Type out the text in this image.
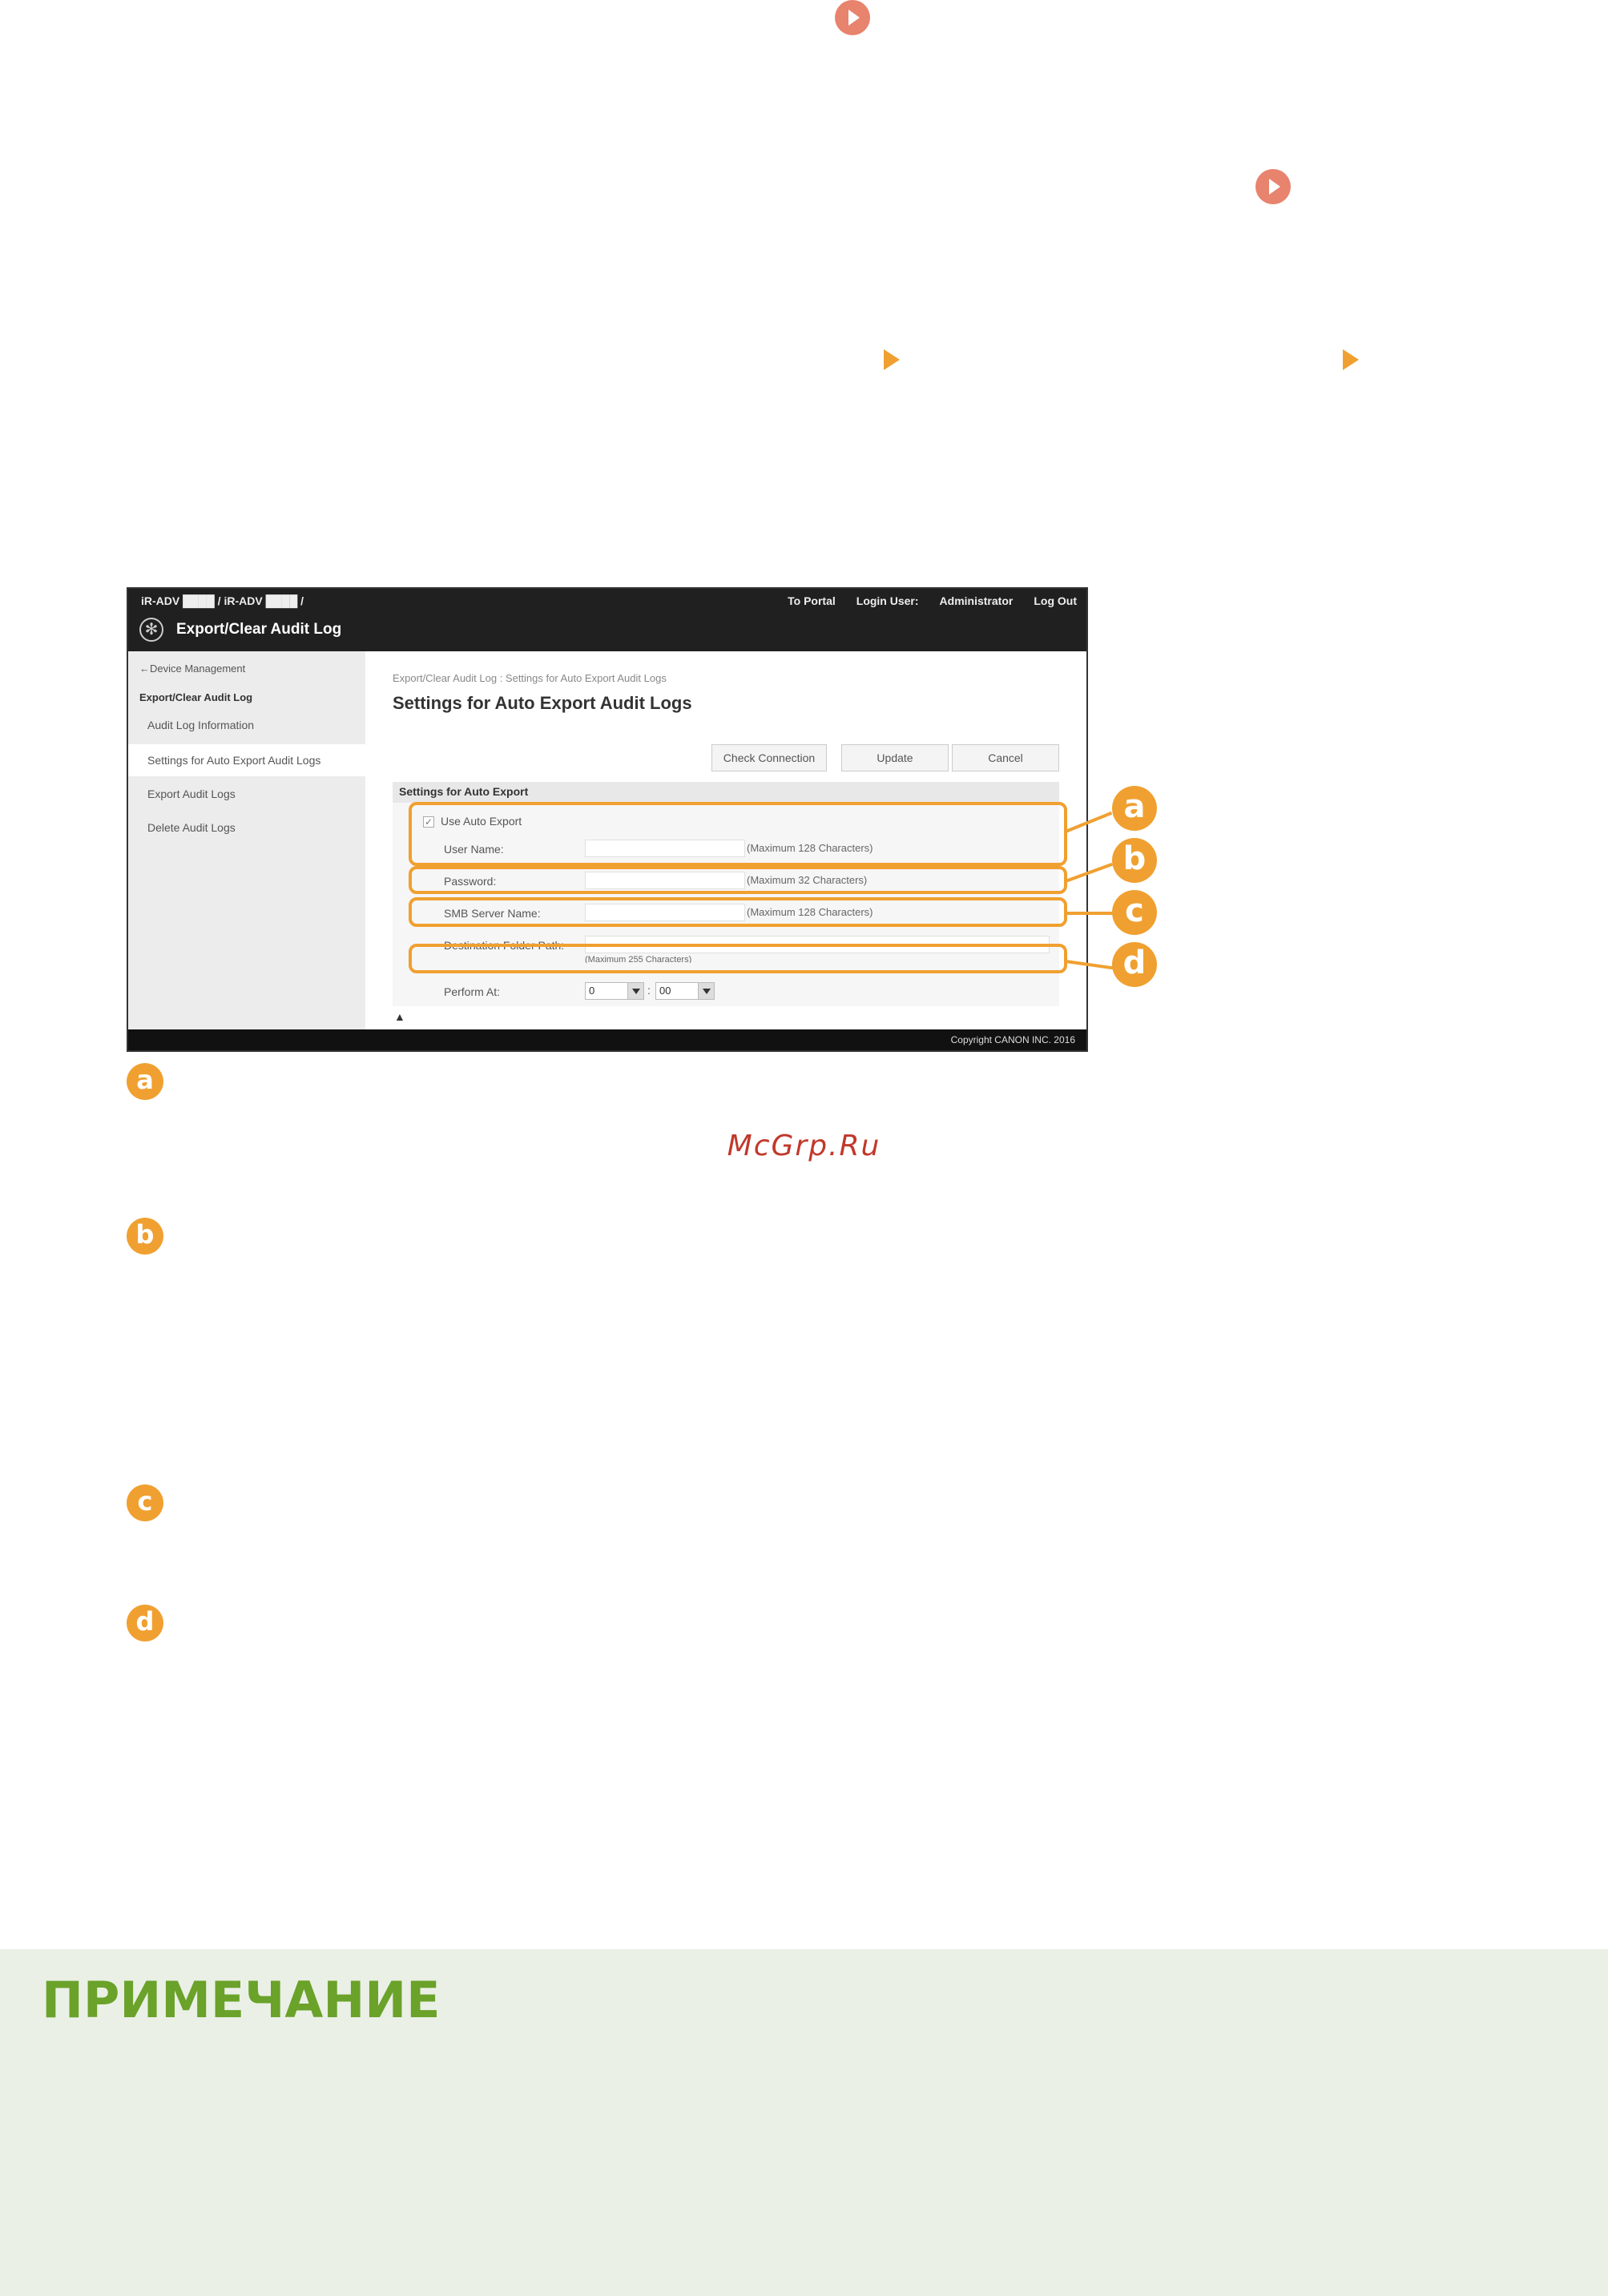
iR-ADV ████ / iR-ADV ████ /	To Portal Login User: Administrator Log Out
✻	Export/Clear Audit Log
←Device Management
Export/Clear Audit Log
Audit Log Information
Settings for Auto Export Audit Logs
Export Audit Logs
Delete Audit Logs
Export/Clear Audit Log : Settings for Auto Export Audit Logs
Settings for Auto Export Audit Logs
Check Connection	Update	Cancel
Settings for Auto Export
✓ Use Auto Export
User Name:	(Maximum 128 Characters)
Password:	(Maximum 32 Characters)
SMB Server Name:	(Maximum 128 Characters)
Destination Folder Path:
(Maximum 255 Characters)
Perform At:	0	: 00
▲
Copyright CANON INC. 2016
a
b
c
d
a
b
c
d
McGrp.Ru
ПРИМЕЧАНИЕ
